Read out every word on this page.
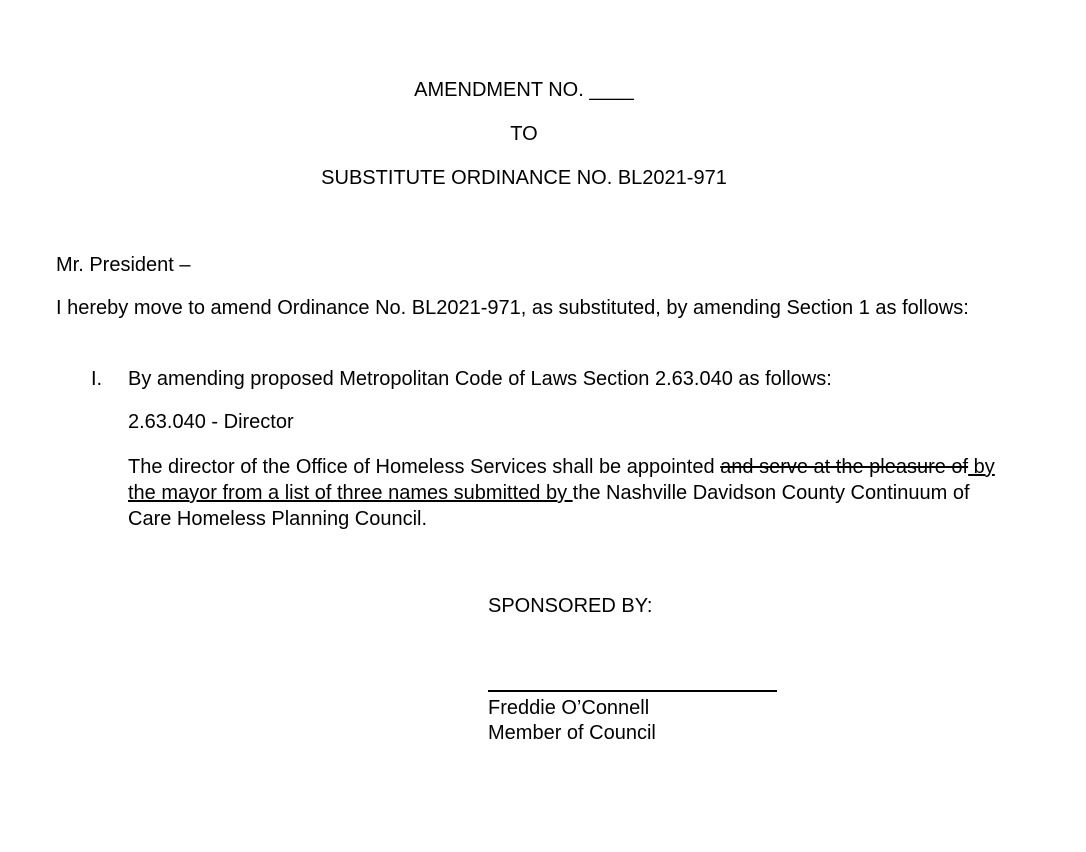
AMENDMENT NO. ____

TO

SUBSTITUTE ORDINANCE NO. BL2021-971

Mr. President –

I hereby move to amend Ordinance No. BL2021-971, as substituted, by amending Section 1 as follows:

I. By amending proposed Metropolitan Code of Laws Section 2.63.040 as follows:

2.63.040 - Director

The director of the Office of Homeless Services shall be appointed and serve at the pleasure of by the mayor from a list of three names submitted by the Nashville Davidson County Continuum of Care Homeless Planning Council.

SPONSORED BY:

Freddie O’Connell

Member of Council
